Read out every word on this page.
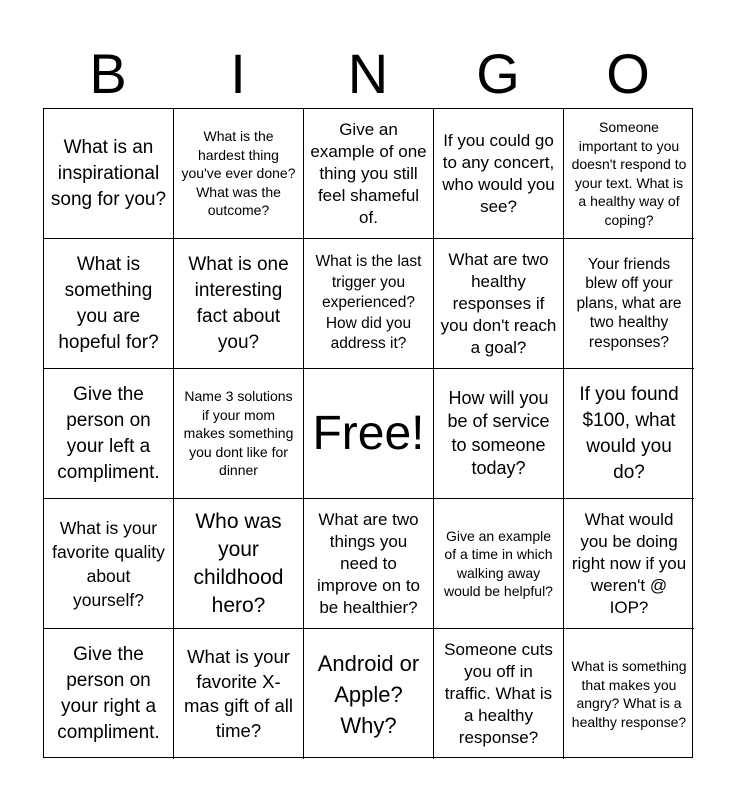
B	I	N	G	O
What is an inspirational song for you?
What is the hardest thing you've ever done? What was the outcome?
Give an example of one thing you still feel shameful of.
If you could go to any concert, who would you see?
Someone important to you doesn't respond to your text. What is a healthy way of coping?
What is something you are hopeful for?
What is one interesting fact about you?
What is the last trigger you experienced? How did you address it?
What are two healthy responses if you don't reach a goal?
Your friends blew off your plans, what are two healthy responses?
Give the person on your left a compliment.
Name 3 solutions if your mom makes something you dont like for dinner
Free!
How will you be of service to someone today?
If you found $100, what would you do?
What is your favorite quality about yourself?
Who was your childhood hero?
What are two things you need to improve on to be healthier?
Give an example of a time in which walking away would be helpful?
What would you be doing right now if you weren't @ IOP?
Give the person on your right a compliment.
What is your favorite X-mas gift of all time?
Android or Apple? Why?
Someone cuts you off in traffic. What is a healthy response?
What is something that makes you angry? What is a healthy response?
